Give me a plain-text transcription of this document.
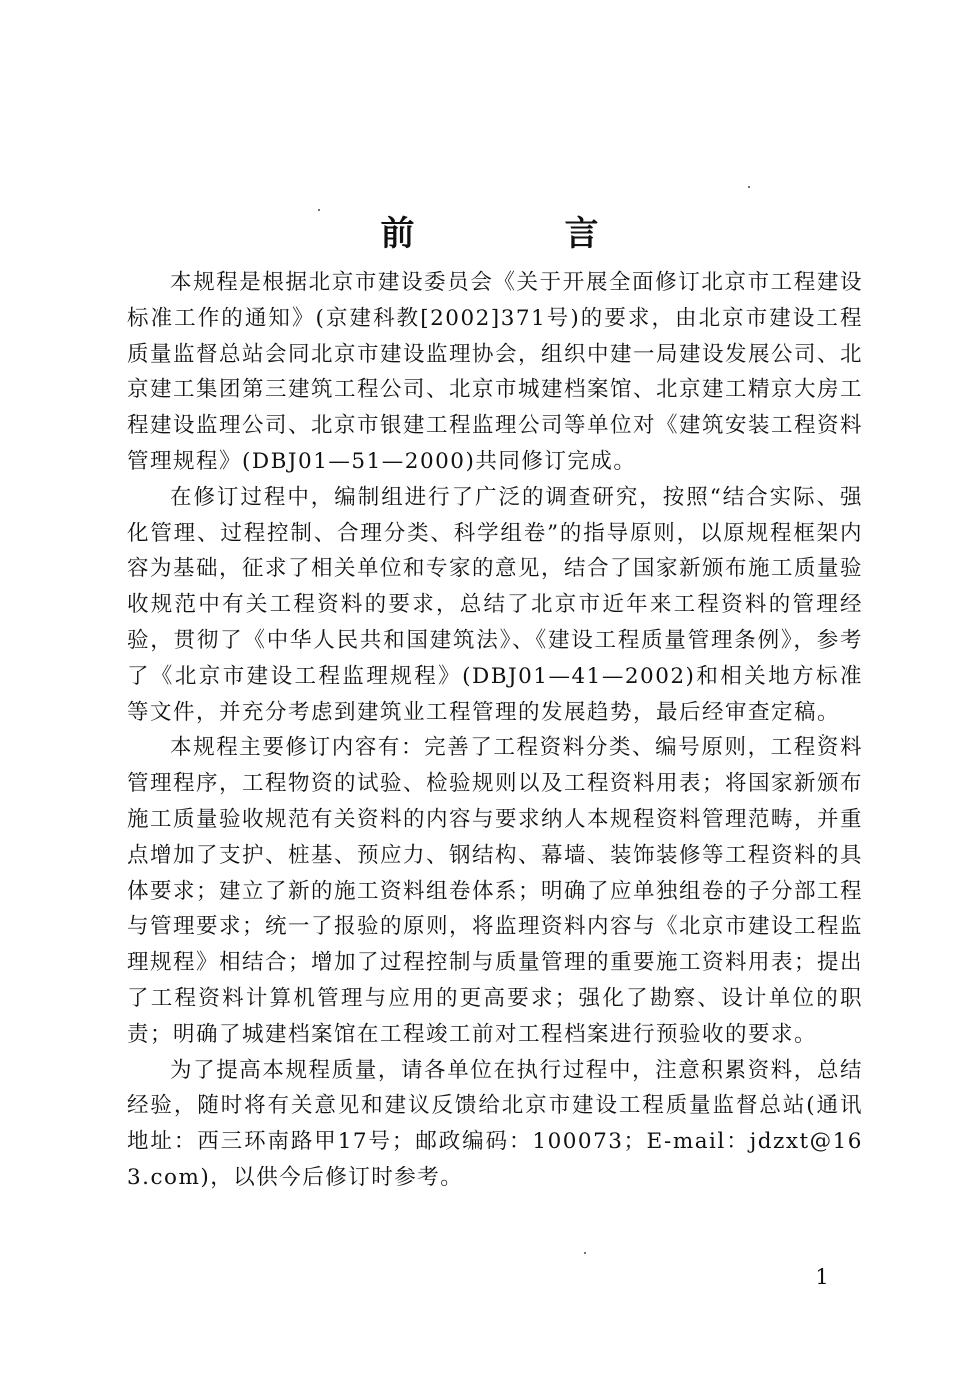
前　言

本规程是根据北京市建设委员会《关于开展全面修订北京市工程建设标准工作的通知》(京建科教[2002]371号)的要求，由北京市建设工程质量监督总站会同北京市建设监理协会，组织中建一局建设发展公司、北京建工集团第三建筑工程公司、北京市城建档案馆、北京建工精京大房工程建设监理公司、北京市银建工程监理公司等单位对《建筑安装工程资料管理规程》(DBJ01—51—2000)共同修订完成。

在修订过程中，编制组进行了广泛的调查研究，按照“结合实际、强化管理、过程控制、合理分类、科学组卷”的指导原则，以原规程框架内容为基础，征求了相关单位和专家的意见，结合了国家新颁布施工质量验收规范中有关工程资料的要求，总结了北京市近年来工程资料的管理经验，贯彻了《中华人民共和国建筑法》、《建设工程质量管理条例》，参考了《北京市建设工程监理规程》(DBJ01—41—2002)和相关地方标准等文件，并充分考虑到建筑业工程管理的发展趋势，最后经审查定稿。

本规程主要修订内容有：完善了工程资料分类、编号原则，工程资料管理程序，工程物资的试验、检验规则以及工程资料用表；将国家新颁布施工质量验收规范有关资料的内容与要求纳人本规程资料管理范畴，并重点增加了支护、桩基、预应力、钢结构、幕墙、装饰装修等工程资料的具体要求；建立了新的施工资料组卷体系；明确了应单独组卷的子分部工程与管理要求；统一了报验的原则，将监理资料内容与《北京市建设工程监理规程》相结合；增加了过程控制与质量管理的重要施工资料用表；提出了工程资料计算机管理与应用的更高要求；强化了勘察、设计单位的职责；明确了城建档案馆在工程竣工前对工程档案进行预验收的要求。

为了提高本规程质量，请各单位在执行过程中，注意积累资料，总结经验，随时将有关意见和建议反馈给北京市建设工程质量监督总站(通讯地址：西三环南路甲17号；邮政编码：100073；E-mail：jdzxt@163.com)，以供今后修订时参考。

1
